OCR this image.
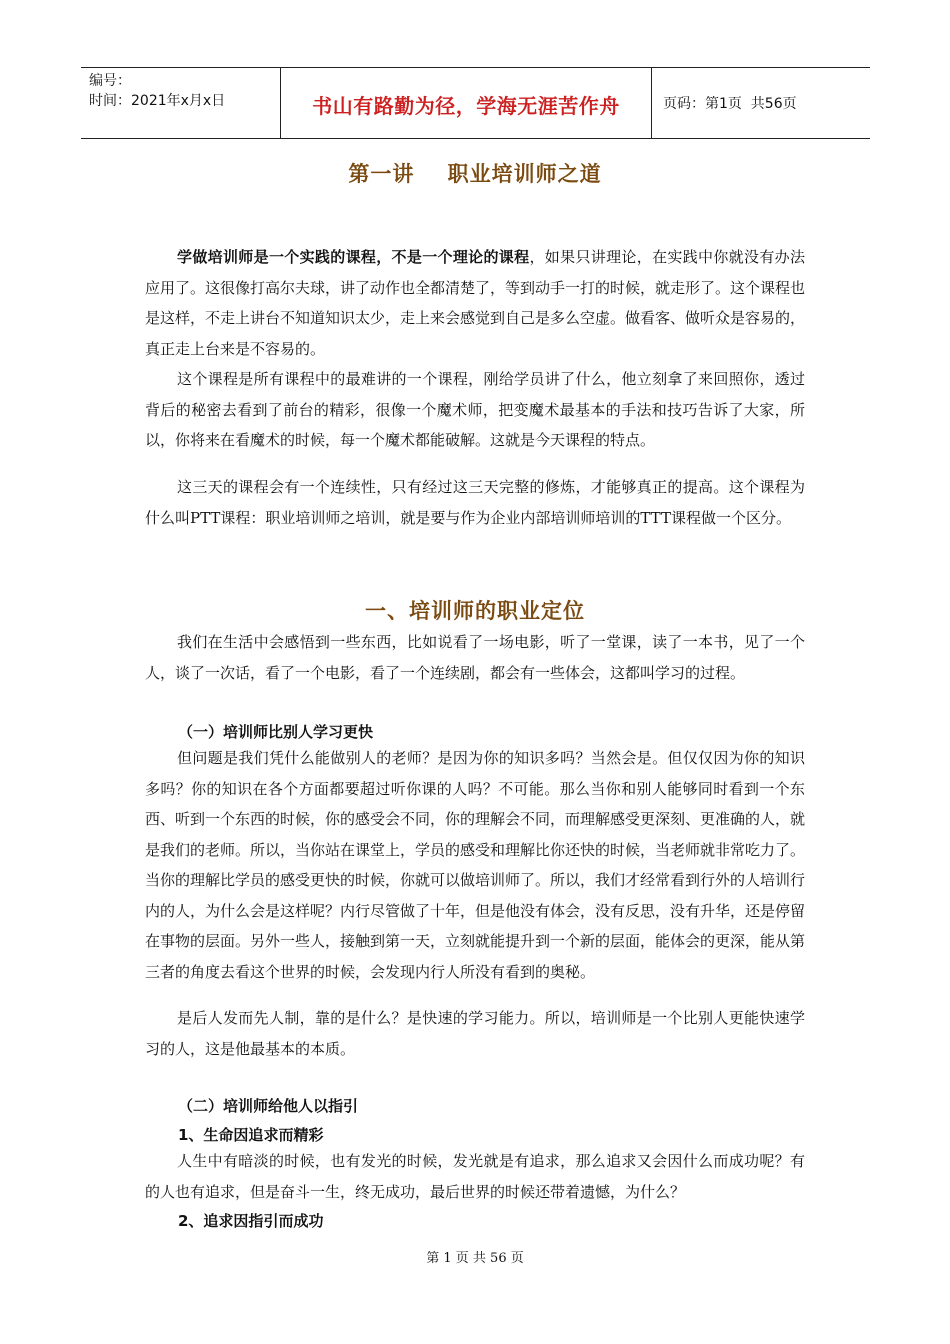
编号：
时间：2021年x月x日	书山有路勤为径，学海无涯苦作舟	页码：第1页  共56页
第一讲    职业培训师之道

学做培训师是一个实践的课程，不是一个理论的课程，如果只讲理论，在实践中你就没有办法应用了。这很像打高尔夫球，讲了动作也全都清楚了，等到动手一打的时候，就走形了。这个课程也是这样，不走上讲台不知道知识太少，走上来会感觉到自己是多么空虚。做看客、做听众是容易的，真正走上台来是不容易的。

这个课程是所有课程中的最难讲的一个课程，刚给学员讲了什么，他立刻拿了来回照你，透过背后的秘密去看到了前台的精彩，很像一个魔术师，把变魔术最基本的手法和技巧告诉了大家，所以，你将来在看魔术的时候，每一个魔术都能破解。这就是今天课程的特点。

这三天的课程会有一个连续性，只有经过这三天完整的修炼，才能够真正的提高。这个课程为什么叫PTT课程：职业培训师之培训，就是要与作为企业内部培训师培训的TTT课程做一个区分。

一、培训师的职业定位

我们在生活中会感悟到一些东西，比如说看了一场电影，听了一堂课，读了一本书，见了一个人，谈了一次话，看了一个电影，看了一个连续剧，都会有一些体会，这都叫学习的过程。

（一）培训师比别人学习更快

但问题是我们凭什么能做别人的老师？是因为你的知识多吗？当然会是。但仅仅因为你的知识多吗？你的知识在各个方面都要超过听你课的人吗？不可能。那么当你和别人能够同时看到一个东西、听到一个东西的时候，你的感受会不同，你的理解会不同，而理解感受更深刻、更准确的人，就是我们的老师。所以，当你站在课堂上，学员的感受和理解比你还快的时候，当老师就非常吃力了。当你的理解比学员的感受更快的时候，你就可以做培训师了。所以，我们才经常看到行外的人培训行内的人，为什么会是这样呢？内行尽管做了十年，但是他没有体会，没有反思，没有升华，还是停留在事物的层面。另外一些人，接触到第一天，立刻就能提升到一个新的层面，能体会的更深，能从第三者的角度去看这个世界的时候，会发现内行人所没有看到的奥秘。

是后人发而先人制，靠的是什么？是快速的学习能力。所以，培训师是一个比别人更能快速学习的人，这是他最基本的本质。

（二）培训师给他人以指引
1、生命因追求而精彩

人生中有暗淡的时候，也有发光的时候，发光就是有追求，那么追求又会因什么而成功呢？有的人也有追求，但是奋斗一生，终无成功，最后世界的时候还带着遗憾，为什么？

2、追求因指引而成功
第 1 页 共 56 页
